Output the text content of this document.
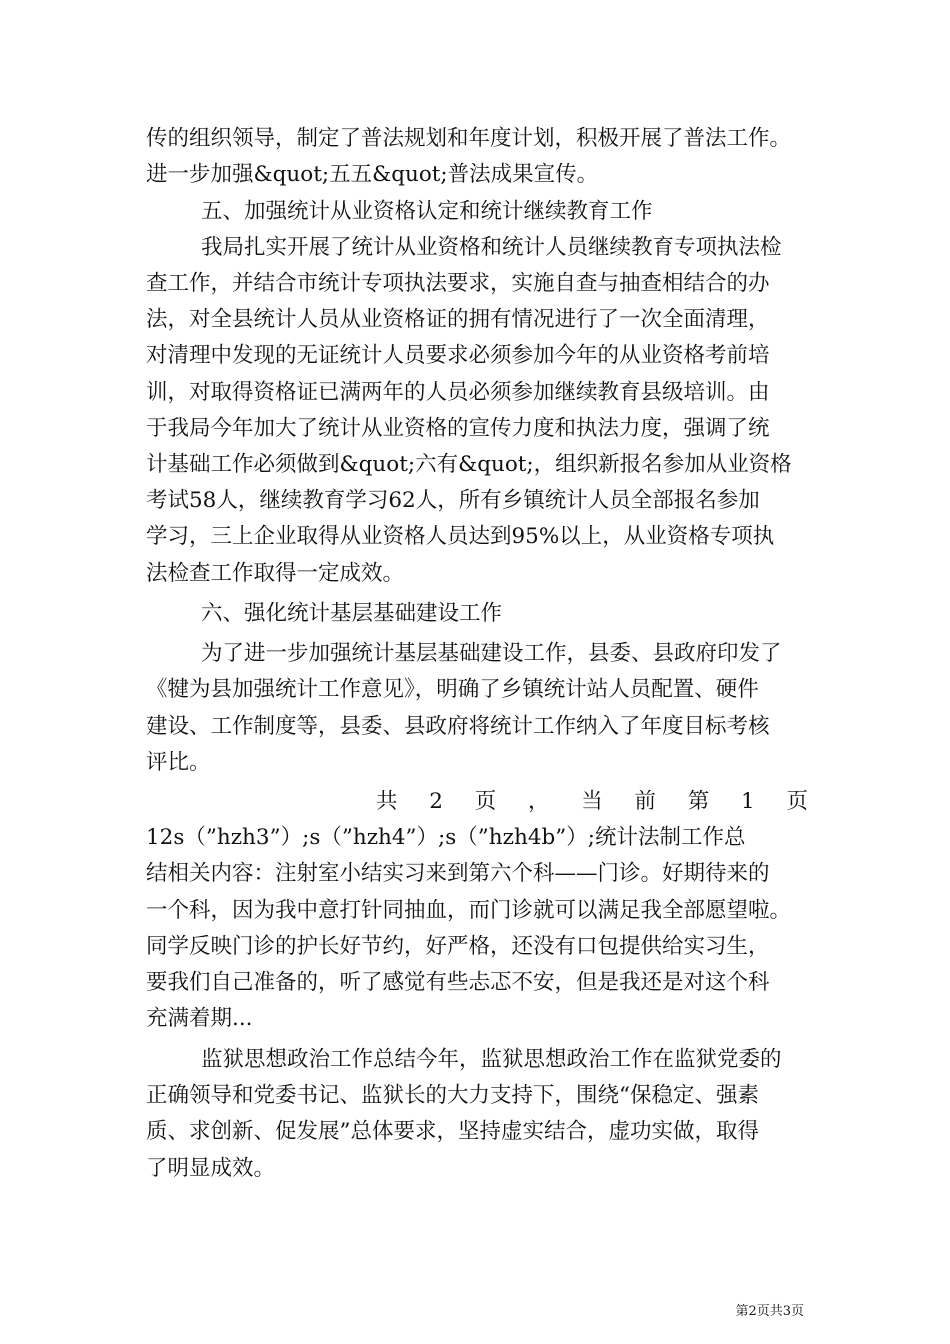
传的组织领导，制定了普法规划和年度计划，积极开展了普法工作。
进一步加强&quot;五五&quot;普法成果宣传。
五、加强统计从业资格认定和统计继续教育工作
我局扎实开展了统计从业资格和统计人员继续教育专项执法检
查工作，并结合市统计专项执法要求，实施自查与抽查相结合的办
法，对全县统计人员从业资格证的拥有情况进行了一次全面清理，
对清理中发现的无证统计人员要求必须参加今年的从业资格考前培
训，对取得资格证已满两年的人员必须参加继续教育县级培训。由
于我局今年加大了统计从业资格的宣传力度和执法力度，强调了统
计基础工作必须做到&quot;六有&quot;，组织新报名参加从业资格
考试58人，继续教育学习62人，所有乡镇统计人员全部报名参加
学习，三上企业取得从业资格人员达到95%以上，从业资格专项执
法检查工作取得一定成效。
六、强化统计基层基础建设工作
为了进一步加强统计基层基础建设工作，县委、县政府印发了
《犍为县加强统计工作意见》，明确了乡镇统计站人员配置、硬件
建设、工作制度等，县委、县政府将统计工作纳入了年度目标考核
评比。
共 2 页 ， 当 前 第 1 页
12s（”hzh3”）;s（”hzh4”）;s（”hzh4b”）;统计法制工作总
结相关内容：注射室小结实习来到第六个科——门诊。好期待来的
一个科，因为我中意打针同抽血，而门诊就可以满足我全部愿望啦。
同学反映门诊的护长好节约，好严格，还没有口包提供给实习生，
要我们自己准备的，听了感觉有些忐忑不安，但是我还是对这个科
充满着期...
监狱思想政治工作总结今年，监狱思想政治工作在监狱党委的
正确领导和党委书记、监狱长的大力支持下，围绕“保稳定、强素
质、求创新、促发展”总体要求，坚持虚实结合，虚功实做，取得
了明显成效。
第2页共3页
